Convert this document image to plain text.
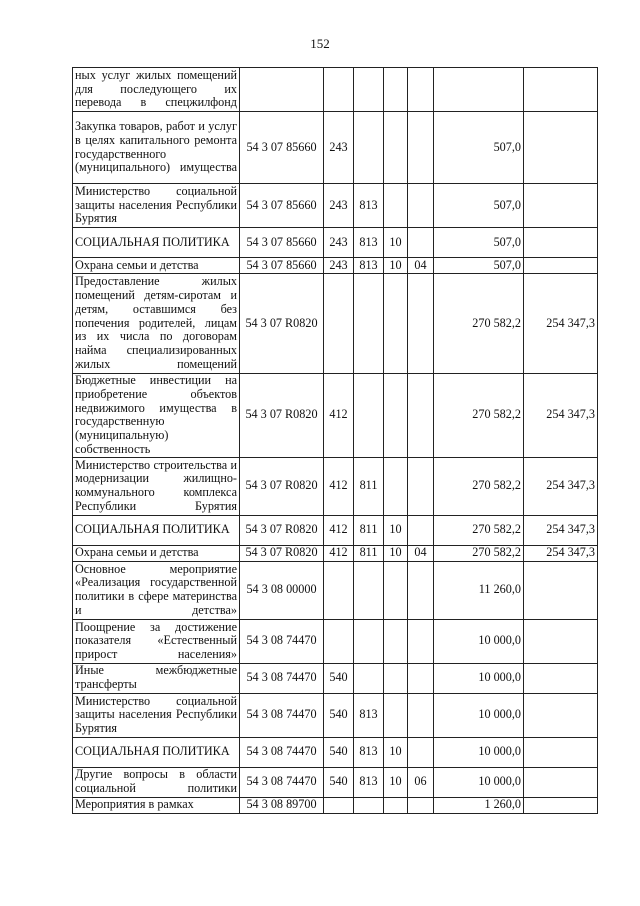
152
ных услуг жилых помещений для последующего их перевода в спецжилфонд							
Закупка товаров, работ и услуг в целях капитального ремонта государственного (муниципального) имущества	54 3 07 85660	243				507,0	
Министерство социальной защиты населения Республики Бурятия	54 3 07 85660	243	813			507,0	
СОЦИАЛЬНАЯ ПОЛИТИКА	54 3 07 85660	243	813	10		507,0	
Охрана семьи и детства	54 3 07 85660	243	813	10	04	507,0	
Предоставление жилых помещений детям-сиротам и детям, оставшимся без попечения родителей, лицам из их числа по договорам найма специализированных жилых помещений	54 3 07 R0820					270 582,2	254 347,3
Бюджетные инвестиции на приобретение объектов недвижимого имущества в государственную (муниципальную) собственность	54 3 07 R0820	412				270 582,2	254 347,3
Министерство строительства и модернизации жилищно-коммунального комплекса Республики Бурятия	54 3 07 R0820	412	811			270 582,2	254 347,3
СОЦИАЛЬНАЯ ПОЛИТИКА	54 3 07 R0820	412	811	10		270 582,2	254 347,3
Охрана семьи и детства	54 3 07 R0820	412	811	10	04	270 582,2	254 347,3
Основное мероприятие «Реализация государственной политики в сфере материнства и детства»	54 3 08 00000					11 260,0	
Поощрение за достижение показателя «Естественный прирост населения»	54 3 08 74470					10 000,0	
Иные межбюджетные трансферты	54 3 08 74470	540				10 000,0	
Министерство социальной защиты населения Республики Бурятия	54 3 08 74470	540	813			10 000,0	
СОЦИАЛЬНАЯ ПОЛИТИКА	54 3 08 74470	540	813	10		10 000,0	
Другие вопросы в области социальной политики	54 3 08 74470	540	813	10	06	10 000,0	
Мероприятия в рамках	54 3 08 89700					1 260,0	
